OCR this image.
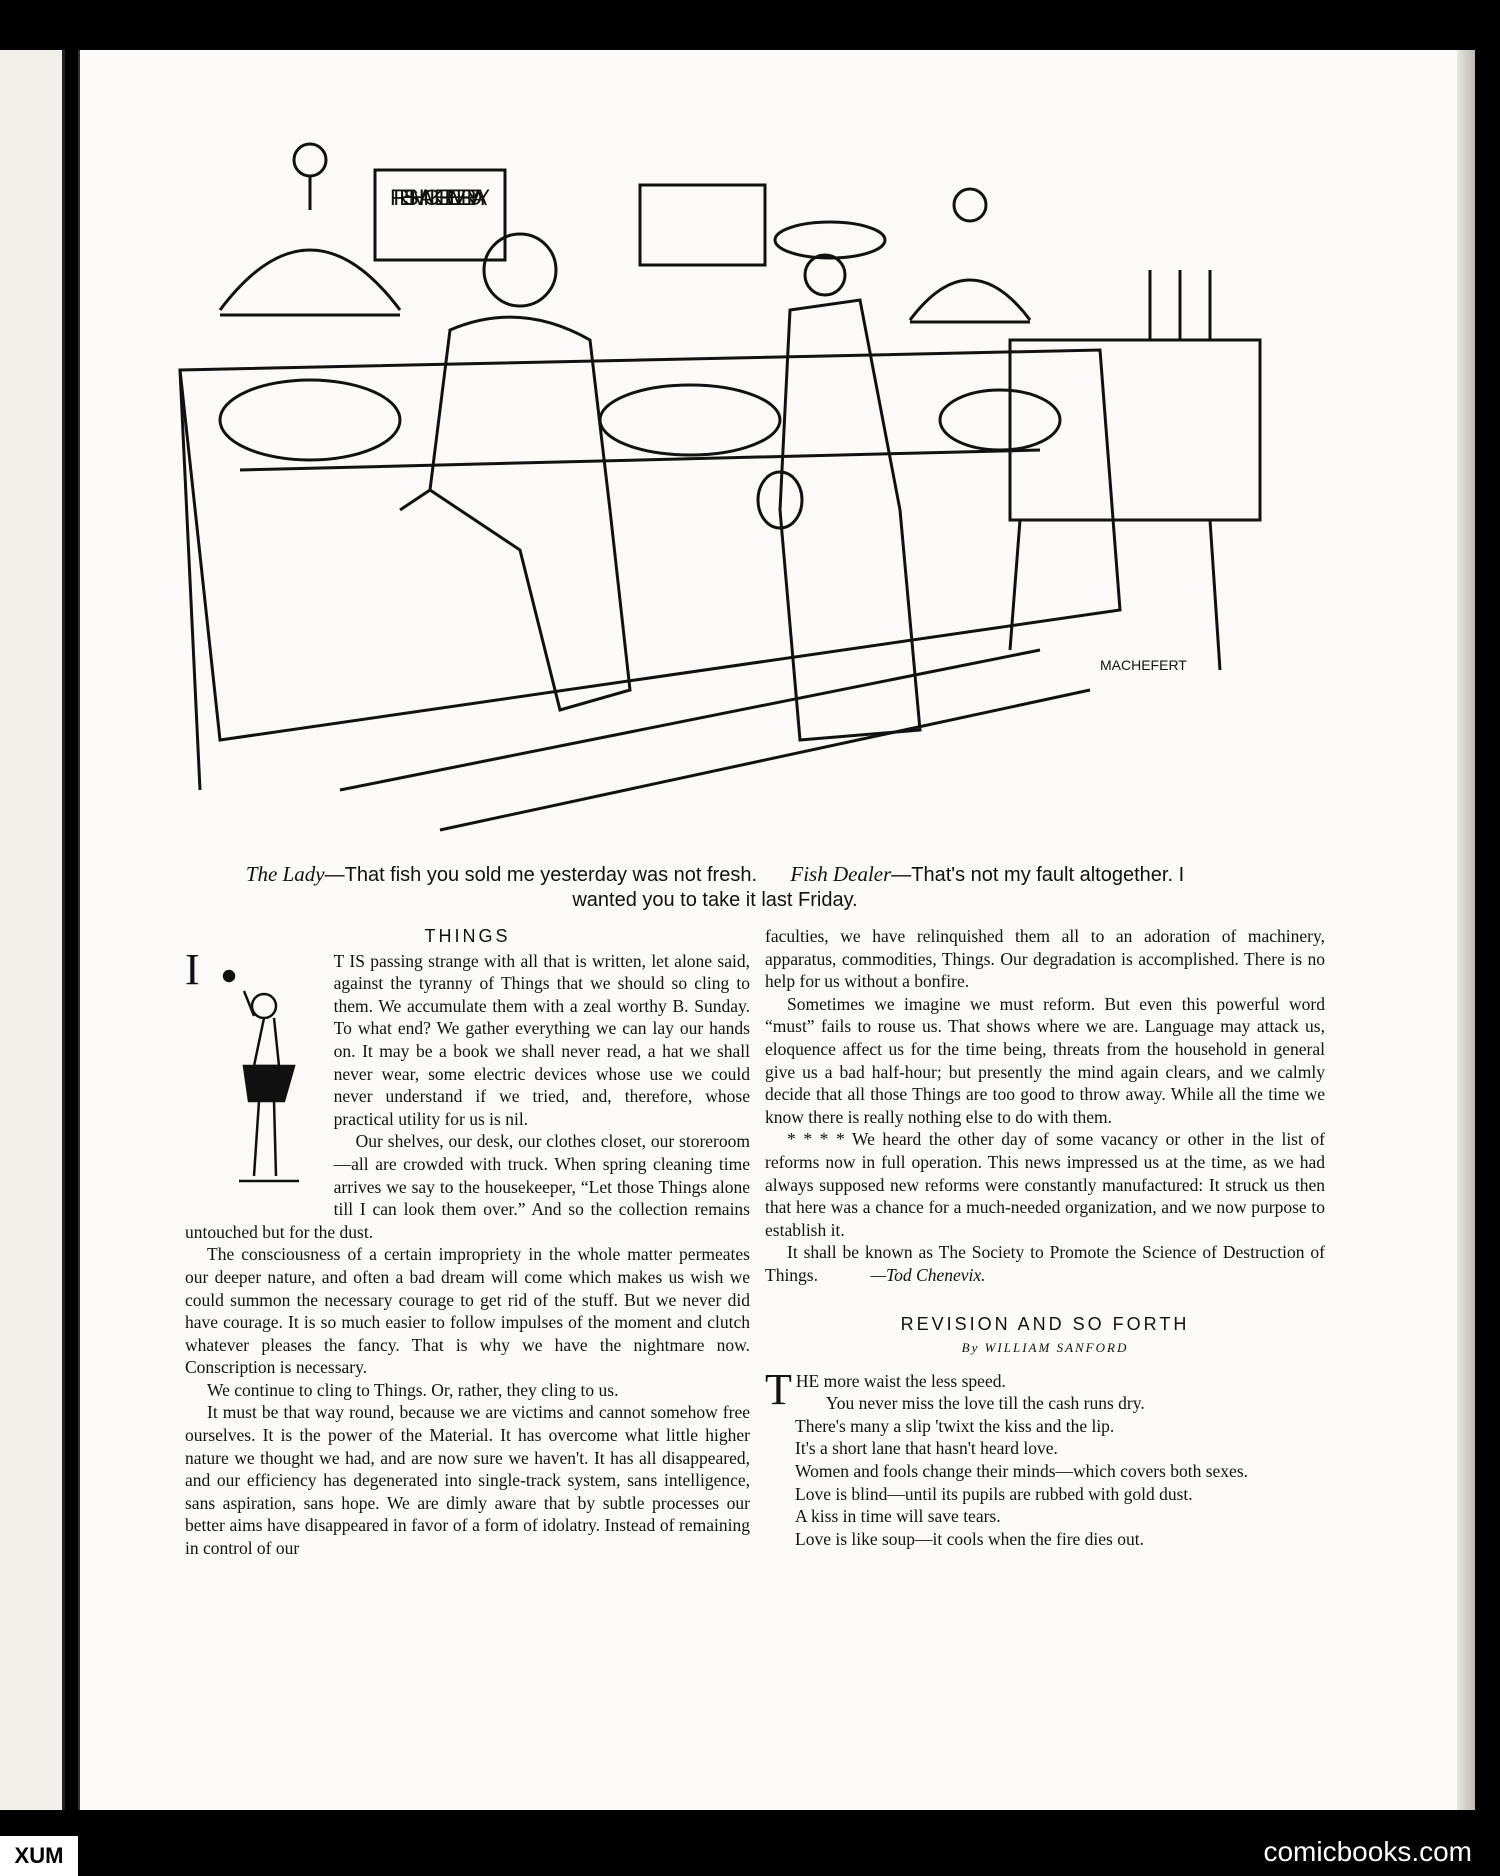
FRESH MACKEREL EVERY DAY
MACHEFERT
The Lady—That fish you sold me yesterday was not fresh. Fish Dealer—That's not my fault altogether. I wanted you to take it last Friday.
THINGS

I	T IS passing strange with all that is written, let alone said, against the tyranny of Things that we should so cling to them. We accumulate them with a zeal worthy B. Sunday. To what end? We gather everything we can lay our hands on. It may be a book we shall never read, a hat we shall never wear, some electric devices whose use we could never understand if we tried, and, therefore, whose practical utility for us is nil.

Our shelves, our desk, our clothes closet, our storeroom—all are crowded with truck. When spring cleaning time arrives we say to the housekeeper, “Let those Things alone till I can look them over.” And so the collection remains untouched but for the dust.

The consciousness of a certain impropriety in the whole matter permeates our deeper nature, and often a bad dream will come which makes us wish we could summon the necessary courage to get rid of the stuff. But we never did have courage. It is so much easier to follow impulses of the moment and clutch whatever pleases the fancy. That is why we have the nightmare now. Conscription is necessary.

We continue to cling to Things. Or, rather, they cling to us.

It must be that way round, because we are victims and cannot somehow free ourselves. It is the power of the Material. It has overcome what little higher nature we thought we had, and are now sure we haven't. It has all disappeared, and our efficiency has degenerated into single-track system, sans intelligence, sans aspiration, sans hope. We are dimly aware that by subtle processes our better aims have disappeared in favor of a form of idolatry. Instead of remaining in control of our

faculties, we have relinquished them all to an adoration of machinery, apparatus, commodities, Things. Our degradation is accomplished. There is no help for us without a bonfire.

Sometimes we imagine we must reform. But even this powerful word “must” fails to rouse us. That shows where we are. Language may attack us, eloquence affect us for the time being, threats from the household in general give us a bad half-hour; but presently the mind again clears, and we calmly decide that all those Things are too good to throw away. While all the time we know there is really nothing else to do with them.

* * * * We heard the other day of some vacancy or other in the list of reforms now in full operation. This news impressed us at the time, as we had always supposed new reforms were constantly manufactured: It struck us then that here was a chance for a much-needed organization, and we now purpose to establish it.

It shall be known as The Society to Promote the Science of Destruction of Things.	—Tod Chenevix.

REVISION AND SO FORTH
By WILLIAM SANFORD

THE more waist the less speed.

You never miss the love till the cash runs dry.

There's many a slip 'twixt the kiss and the lip.

It's a short lane that hasn't heard love.

Women and fools change their minds—which covers both sexes.

Love is blind—until its pupils are rubbed with gold dust.

A kiss in time will save tears.

Love is like soup—it cools when the fire dies out.

XUM	comicbooks.com
